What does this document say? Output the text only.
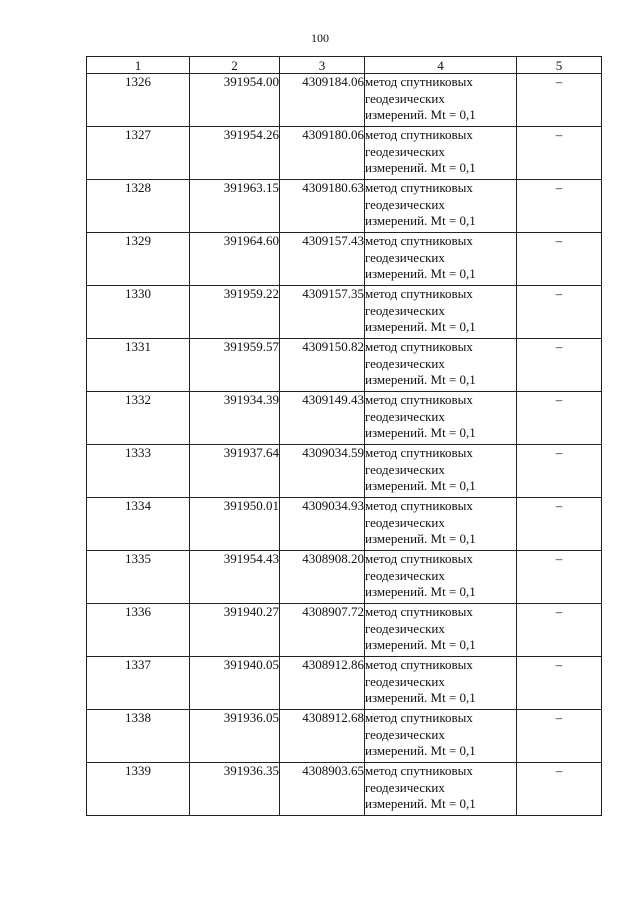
100
1	2	3	4	5
1326	391954.00	4309184.06	метод спутниковых
геодезических
измерений. Mt = 0,1	–
1327	391954.26	4309180.06	метод спутниковых
геодезических
измерений. Mt = 0,1	–
1328	391963.15	4309180.63	метод спутниковых
геодезических
измерений. Mt = 0,1	–
1329	391964.60	4309157.43	метод спутниковых
геодезических
измерений. Mt = 0,1	–
1330	391959.22	4309157.35	метод спутниковых
геодезических
измерений. Mt = 0,1	–
1331	391959.57	4309150.82	метод спутниковых
геодезических
измерений. Mt = 0,1	–
1332	391934.39	4309149.43	метод спутниковых
геодезических
измерений. Mt = 0,1	–
1333	391937.64	4309034.59	метод спутниковых
геодезических
измерений. Mt = 0,1	–
1334	391950.01	4309034.93	метод спутниковых
геодезических
измерений. Mt = 0,1	–
1335	391954.43	4308908.20	метод спутниковых
геодезических
измерений. Mt = 0,1	–
1336	391940.27	4308907.72	метод спутниковых
геодезических
измерений. Mt = 0,1	–
1337	391940.05	4308912.86	метод спутниковых
геодезических
измерений. Mt = 0,1	–
1338	391936.05	4308912.68	метод спутниковых
геодезических
измерений. Mt = 0,1	–
1339	391936.35	4308903.65	метод спутниковых
геодезических
измерений. Mt = 0,1	–
